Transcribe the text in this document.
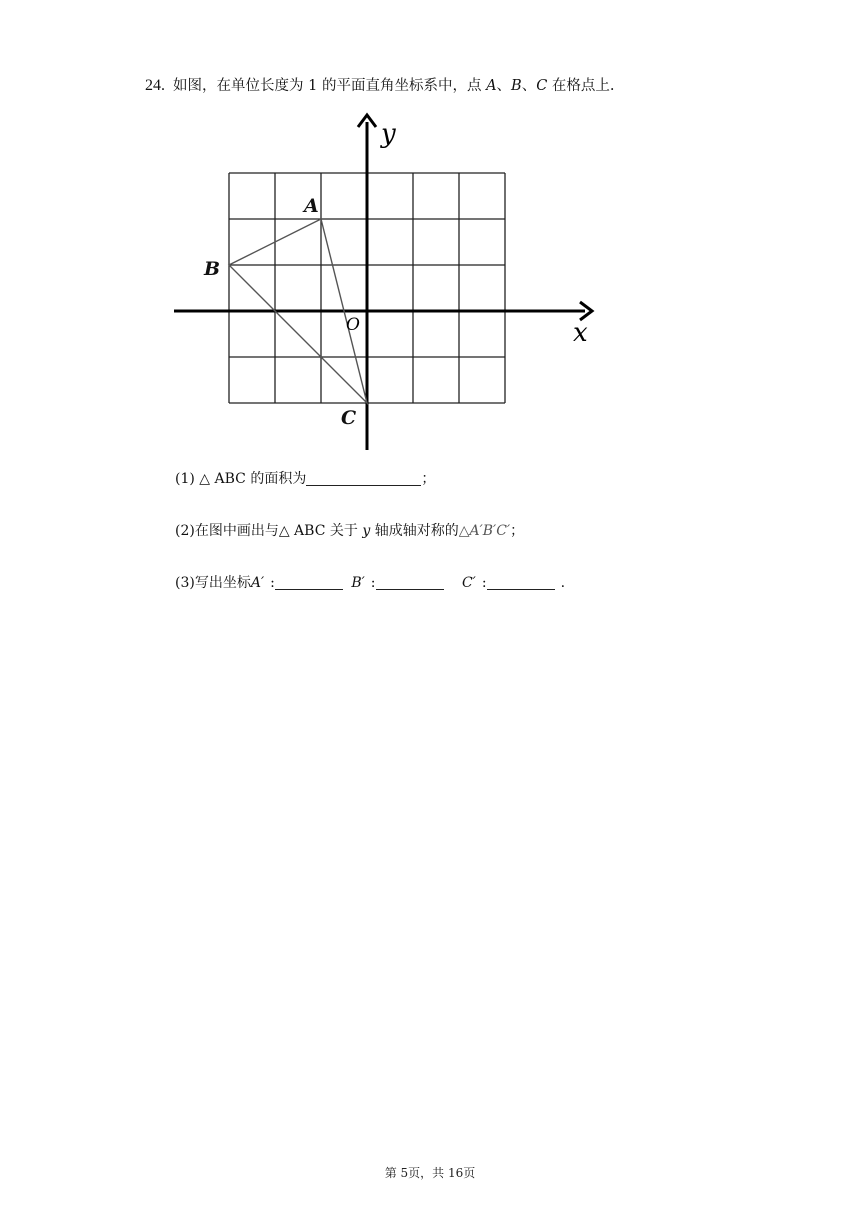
24. 如图，在单位长度为 1 的平面直角坐标系中，点 A、B、C 在格点上.
x
y
O
A
B
C
(1) △ ABC 的面积为	；
(2)在图中画出与△ ABC 关于 y 轴成轴对称的△A′B′C′；
(3)写出坐标A′ :	B′ :	C′ :	.
第 5页，共 16页
